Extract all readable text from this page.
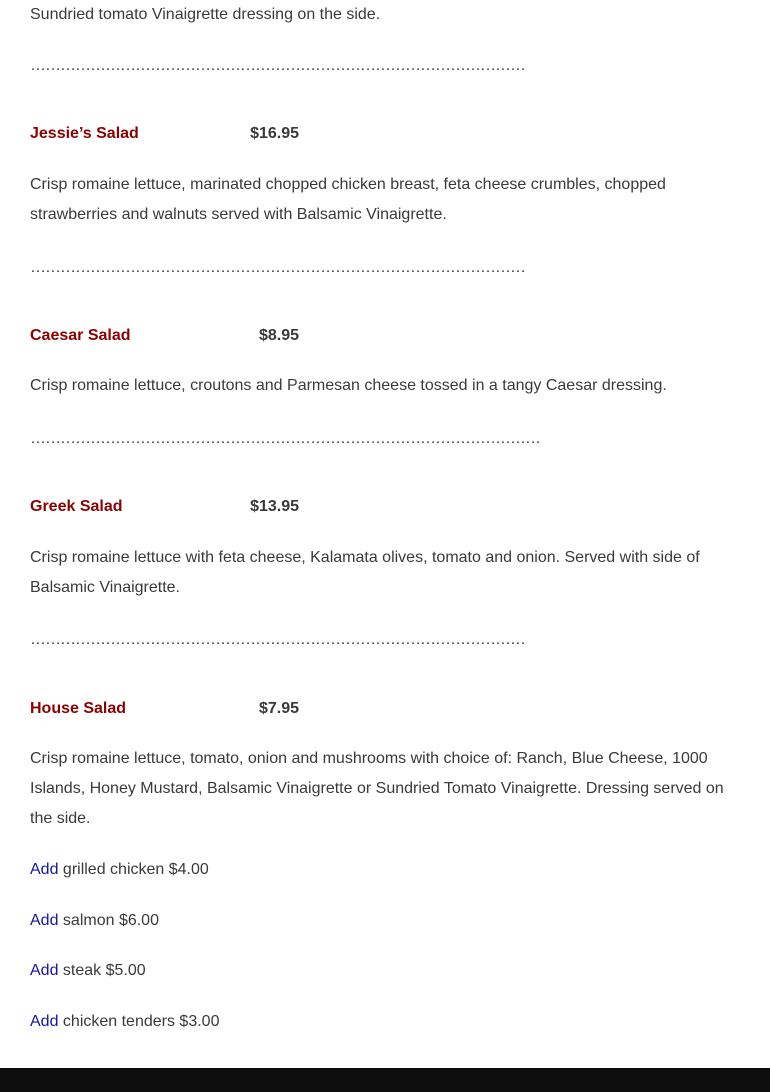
Sundried tomato Vinaigrette dressing on the side.

………………………………………………………………………………………

Jessie’s Salad	$16.95

Crisp romaine lettuce, marinated chopped chicken breast, feta cheese crumbles, chopped strawberries and walnuts served with Balsamic Vinaigrette.

………………………………………………………………………………………

Caesar Salad	$8.95

Crisp romaine lettuce, croutons and Parmesan cheese tossed in a tangy Caesar dressing.

…………………………………………………………………………………………

Greek Salad	$13.95

Crisp romaine lettuce with feta cheese, Kalamata olives, tomato and onion. Served with side of Balsamic Vinaigrette.

………………………………………………………………………………………

House Salad	$7.95

Crisp romaine lettuce, tomato, onion and mushrooms with choice of: Ranch, Blue Cheese, 1000 Islands, Honey Mustard, Balsamic Vinaigrette or Sundried Tomato Vinaigrette. Dressing served on the side.

Add grilled chicken $4.00

Add salmon $6.00

Add steak $5.00

Add chicken tenders $3.00
